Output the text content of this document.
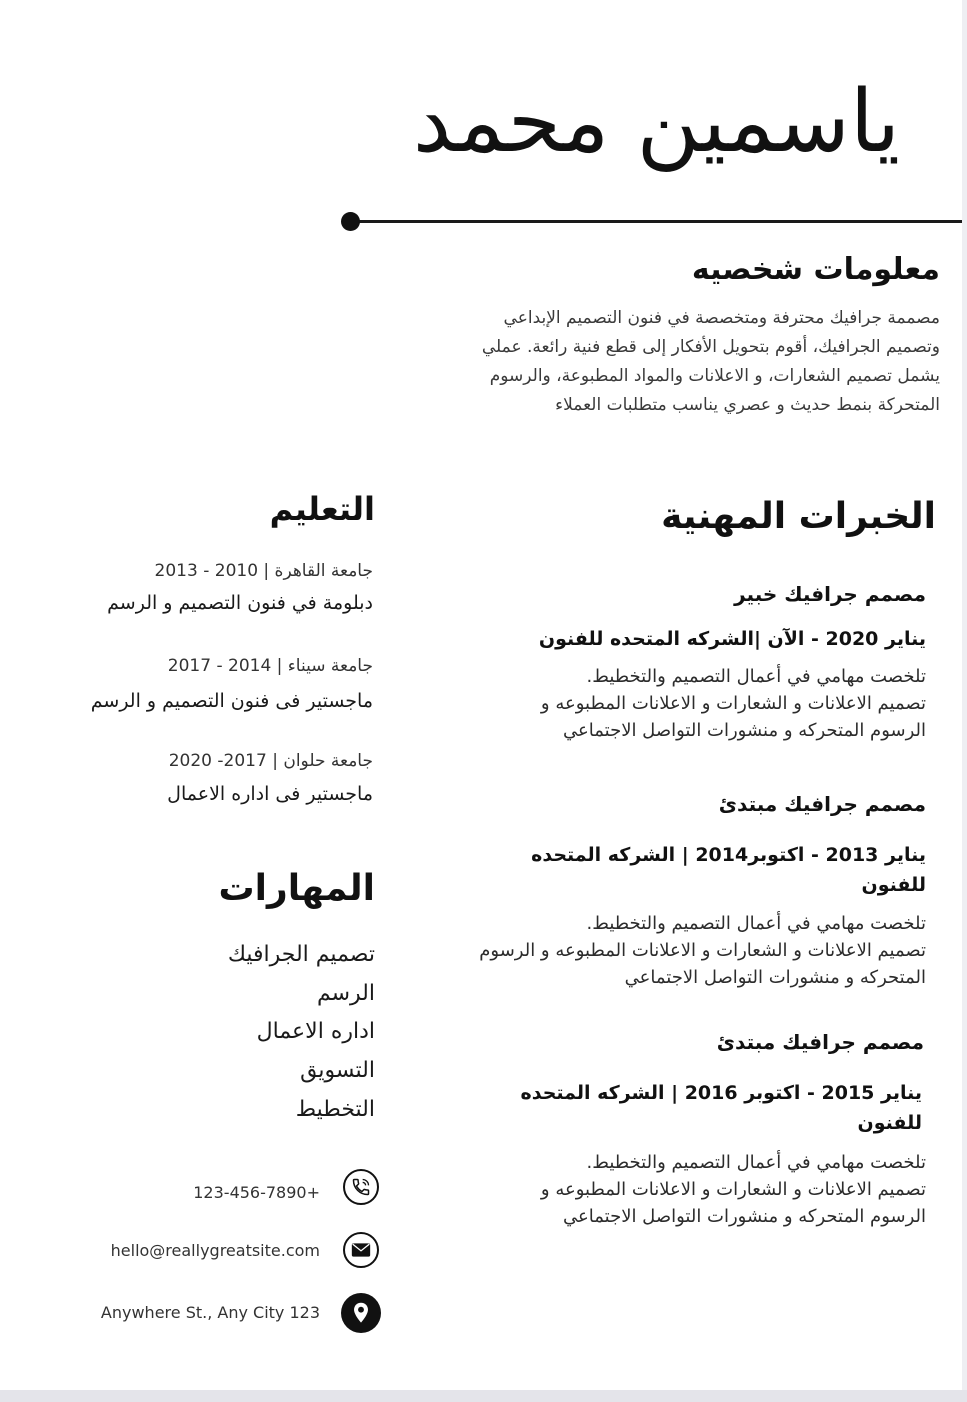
ياسمين محمد
معلومات شخصيه
مصممة جرافيك محترفة ومتخصصة في فنون التصميم الإبداعي
وتصميم الجرافيك، أقوم بتحويل الأفكار إلى قطع فنية رائعة. عملي
يشمل تصميم الشعارات، و الاعلانات والمواد المطبوعة، والرسوم
المتحركة بنمط حديث و عصري يناسب متطلبات العملاء
الخبرات المهنية
مصمم جرافيك خبير
يناير 2020 - الآن |الشركه المتحده للفنون
تلخصت مهامي في أعمال التصميم والتخطيط.
تصميم الاعلانات و الشعارات و الاعلانات المطبوعه و
الرسوم المتحركه و منشورات التواصل الاجتماعي
مصمم جرافيك مبتدئ
يناير 2013 - اكتوبر2014 | الشركه المتحده للفنون
تلخصت مهامي في أعمال التصميم والتخطيط.
تصميم الاعلانات و الشعارات و الاعلانات المطبوعه و الرسوم
المتحركه و منشورات التواصل الاجتماعي
مصمم جرافيك مبتدئ
يناير 2015 - اكتوبر 2016 | الشركه المتحده للفنون
تلخصت مهامي في أعمال التصميم والتخطيط.
تصميم الاعلانات و الشعارات و الاعلانات المطبوعه و
الرسوم المتحركه و منشورات التواصل الاجتماعي
التعليم
جامعة القاهرة | 2010 - 2013
دبلومة في فنون التصميم و الرسم
جامعة سيناء | 2014 - 2017
ماجستير فى فنون التصميم و الرسم
جامعة حلوان | 2017- 2020
ماجستير فى اداره الاعمال
المهارات
تصميم الجرافيك
الرسم
اداره الاعمال
التسويق
التخطيط
123-456-7890+
hello@reallygreatsite.com
Anywhere St., Any City 123
